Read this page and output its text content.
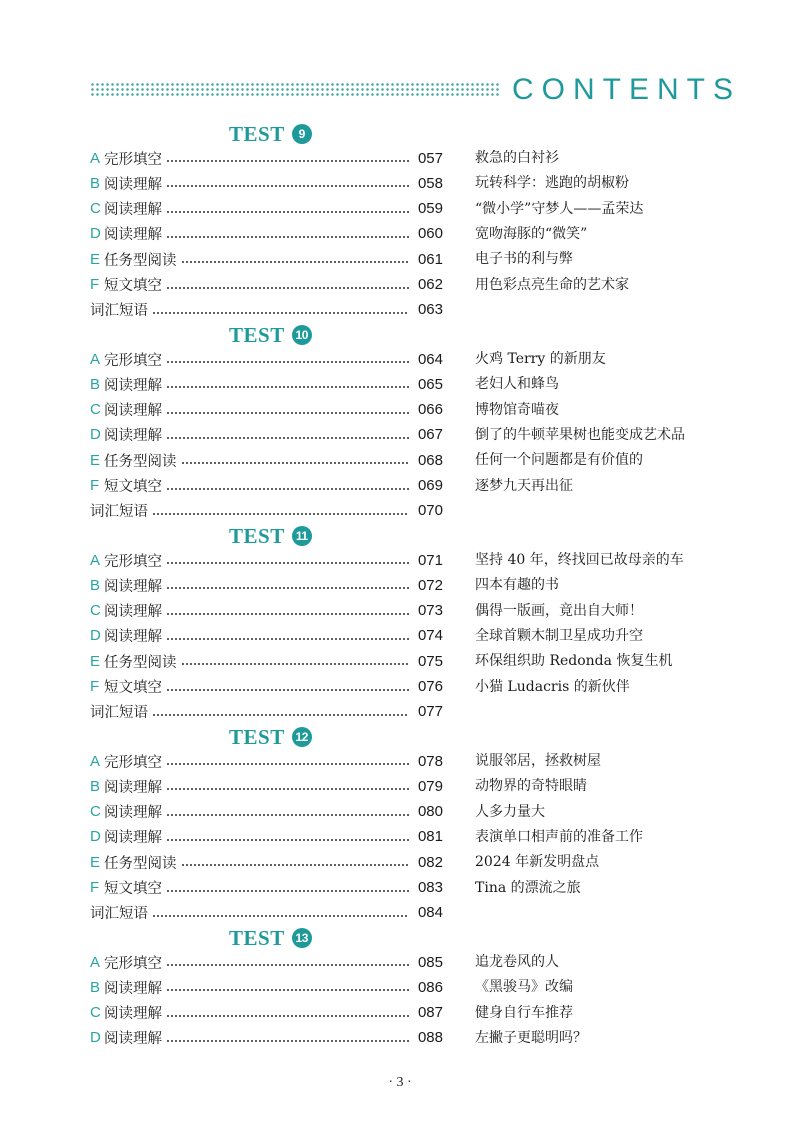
CONTENTS
TEST	9
A 完形填空	057 救急的白衬衫
B 阅读理解	058 玩转科学：逃跑的胡椒粉
C 阅读理解	059 “微小学”守梦人——孟荣达
D 阅读理解	060 宽吻海豚的“微笑”
E 任务型阅读	061 电子书的利与弊
F 短文填空	062 用色彩点亮生命的艺术家
词汇短语	063
TEST 10
A 完形填空	064 火鸡 Terry 的新朋友
B 阅读理解	065 老妇人和蜂鸟
C 阅读理解	066 博物馆奇喵夜
D 阅读理解	067 倒了的牛顿苹果树也能变成艺术品
E 任务型阅读	068 任何一个问题都是有价值的
F 短文填空	069 逐梦九天再出征
词汇短语	070
TEST 11
A 完形填空	071 坚持 40 年，终找回已故母亲的车
B 阅读理解	072 四本有趣的书
C 阅读理解	073 偶得一版画，竟出自大师！
D 阅读理解	074 全球首颗木制卫星成功升空
E 任务型阅读	075 环保组织助 Redonda 恢复生机
F 短文填空	076 小猫 Ludacris 的新伙伴
词汇短语	077
TEST 12
A 完形填空	078 说服邻居，拯救树屋
B 阅读理解	079 动物界的奇特眼睛
C 阅读理解	080 人多力量大
D 阅读理解	081 表演单口相声前的准备工作
E 任务型阅读	082 2024 年新发明盘点
F 短文填空	083 Tina 的漂流之旅
词汇短语	084
TEST 13
A 完形填空	085 追龙卷风的人
B 阅读理解	086 《黑骏马》改编
C 阅读理解	087 健身自行车推荐
D 阅读理解	088 左撇子更聪明吗？
· 3 ·
